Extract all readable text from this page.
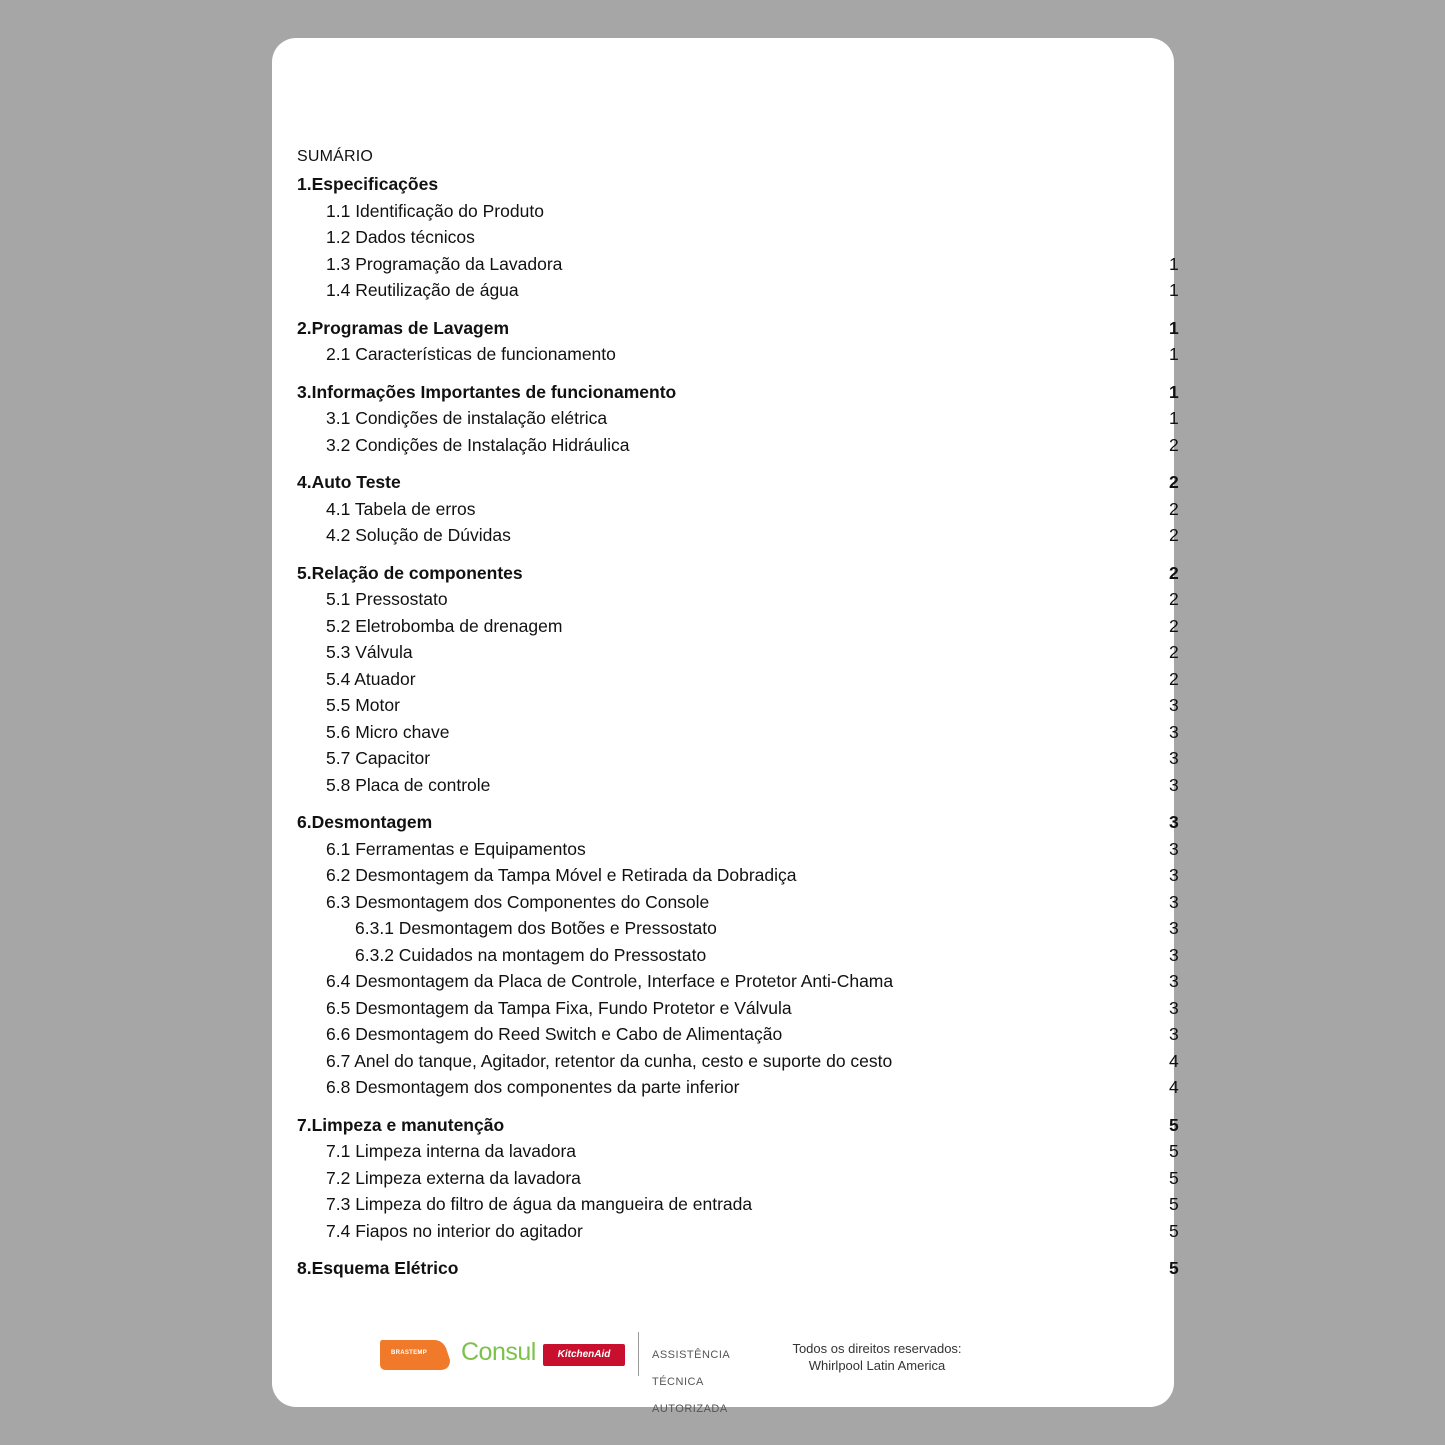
SUMÁRIO
1.Especificações
1.1 Identificação do Produto
1.2 Dados técnicos
1.3 Programação da Lavadora	1
1.4 Reutilização de água	1
2.Programas de Lavagem	1
2.1 Características de funcionamento	1
3.Informações Importantes de funcionamento	1
3.1 Condições de instalação elétrica	1
3.2 Condições de Instalação Hidráulica	2
4.Auto Teste	2
4.1 Tabela de erros	2
4.2 Solução de Dúvidas	2
5.Relação de componentes	2
5.1 Pressostato	2
5.2 Eletrobomba de drenagem	2
5.3 Válvula	2
5.4 Atuador	2
5.5 Motor	3
5.6 Micro chave	3
5.7 Capacitor	3
5.8 Placa de controle	3
6.Desmontagem	3
6.1 Ferramentas e Equipamentos	3
6.2 Desmontagem da Tampa Móvel e Retirada da Dobradiça	3
6.3 Desmontagem dos Componentes do Console	3
6.3.1 Desmontagem dos Botões e Pressostato	3
6.3.2 Cuidados na montagem do Pressostato	3
6.4 Desmontagem da Placa de Controle, Interface e Protetor Anti-Chama	3
6.5 Desmontagem da Tampa Fixa, Fundo Protetor e Válvula	3
6.6 Desmontagem do Reed Switch e Cabo de Alimentação	3
6.7 Anel do tanque, Agitador, retentor da cunha, cesto e suporte do cesto	4
6.8 Desmontagem dos componentes da parte inferior	4
7.Limpeza e manutenção	5
7.1 Limpeza interna da lavadora	5
7.2 Limpeza externa da lavadora	5
7.3 Limpeza do filtro de água da mangueira de entrada	5
7.4 Fiapos no interior do agitador	5
8.Esquema Elétrico	5
BRASTEMP	Consul	KitchenAid	ASSISTÊNCIA

TÉCNICA

AUTORIZADA

Todos os direitos reservados:
Whirlpool Latin America
